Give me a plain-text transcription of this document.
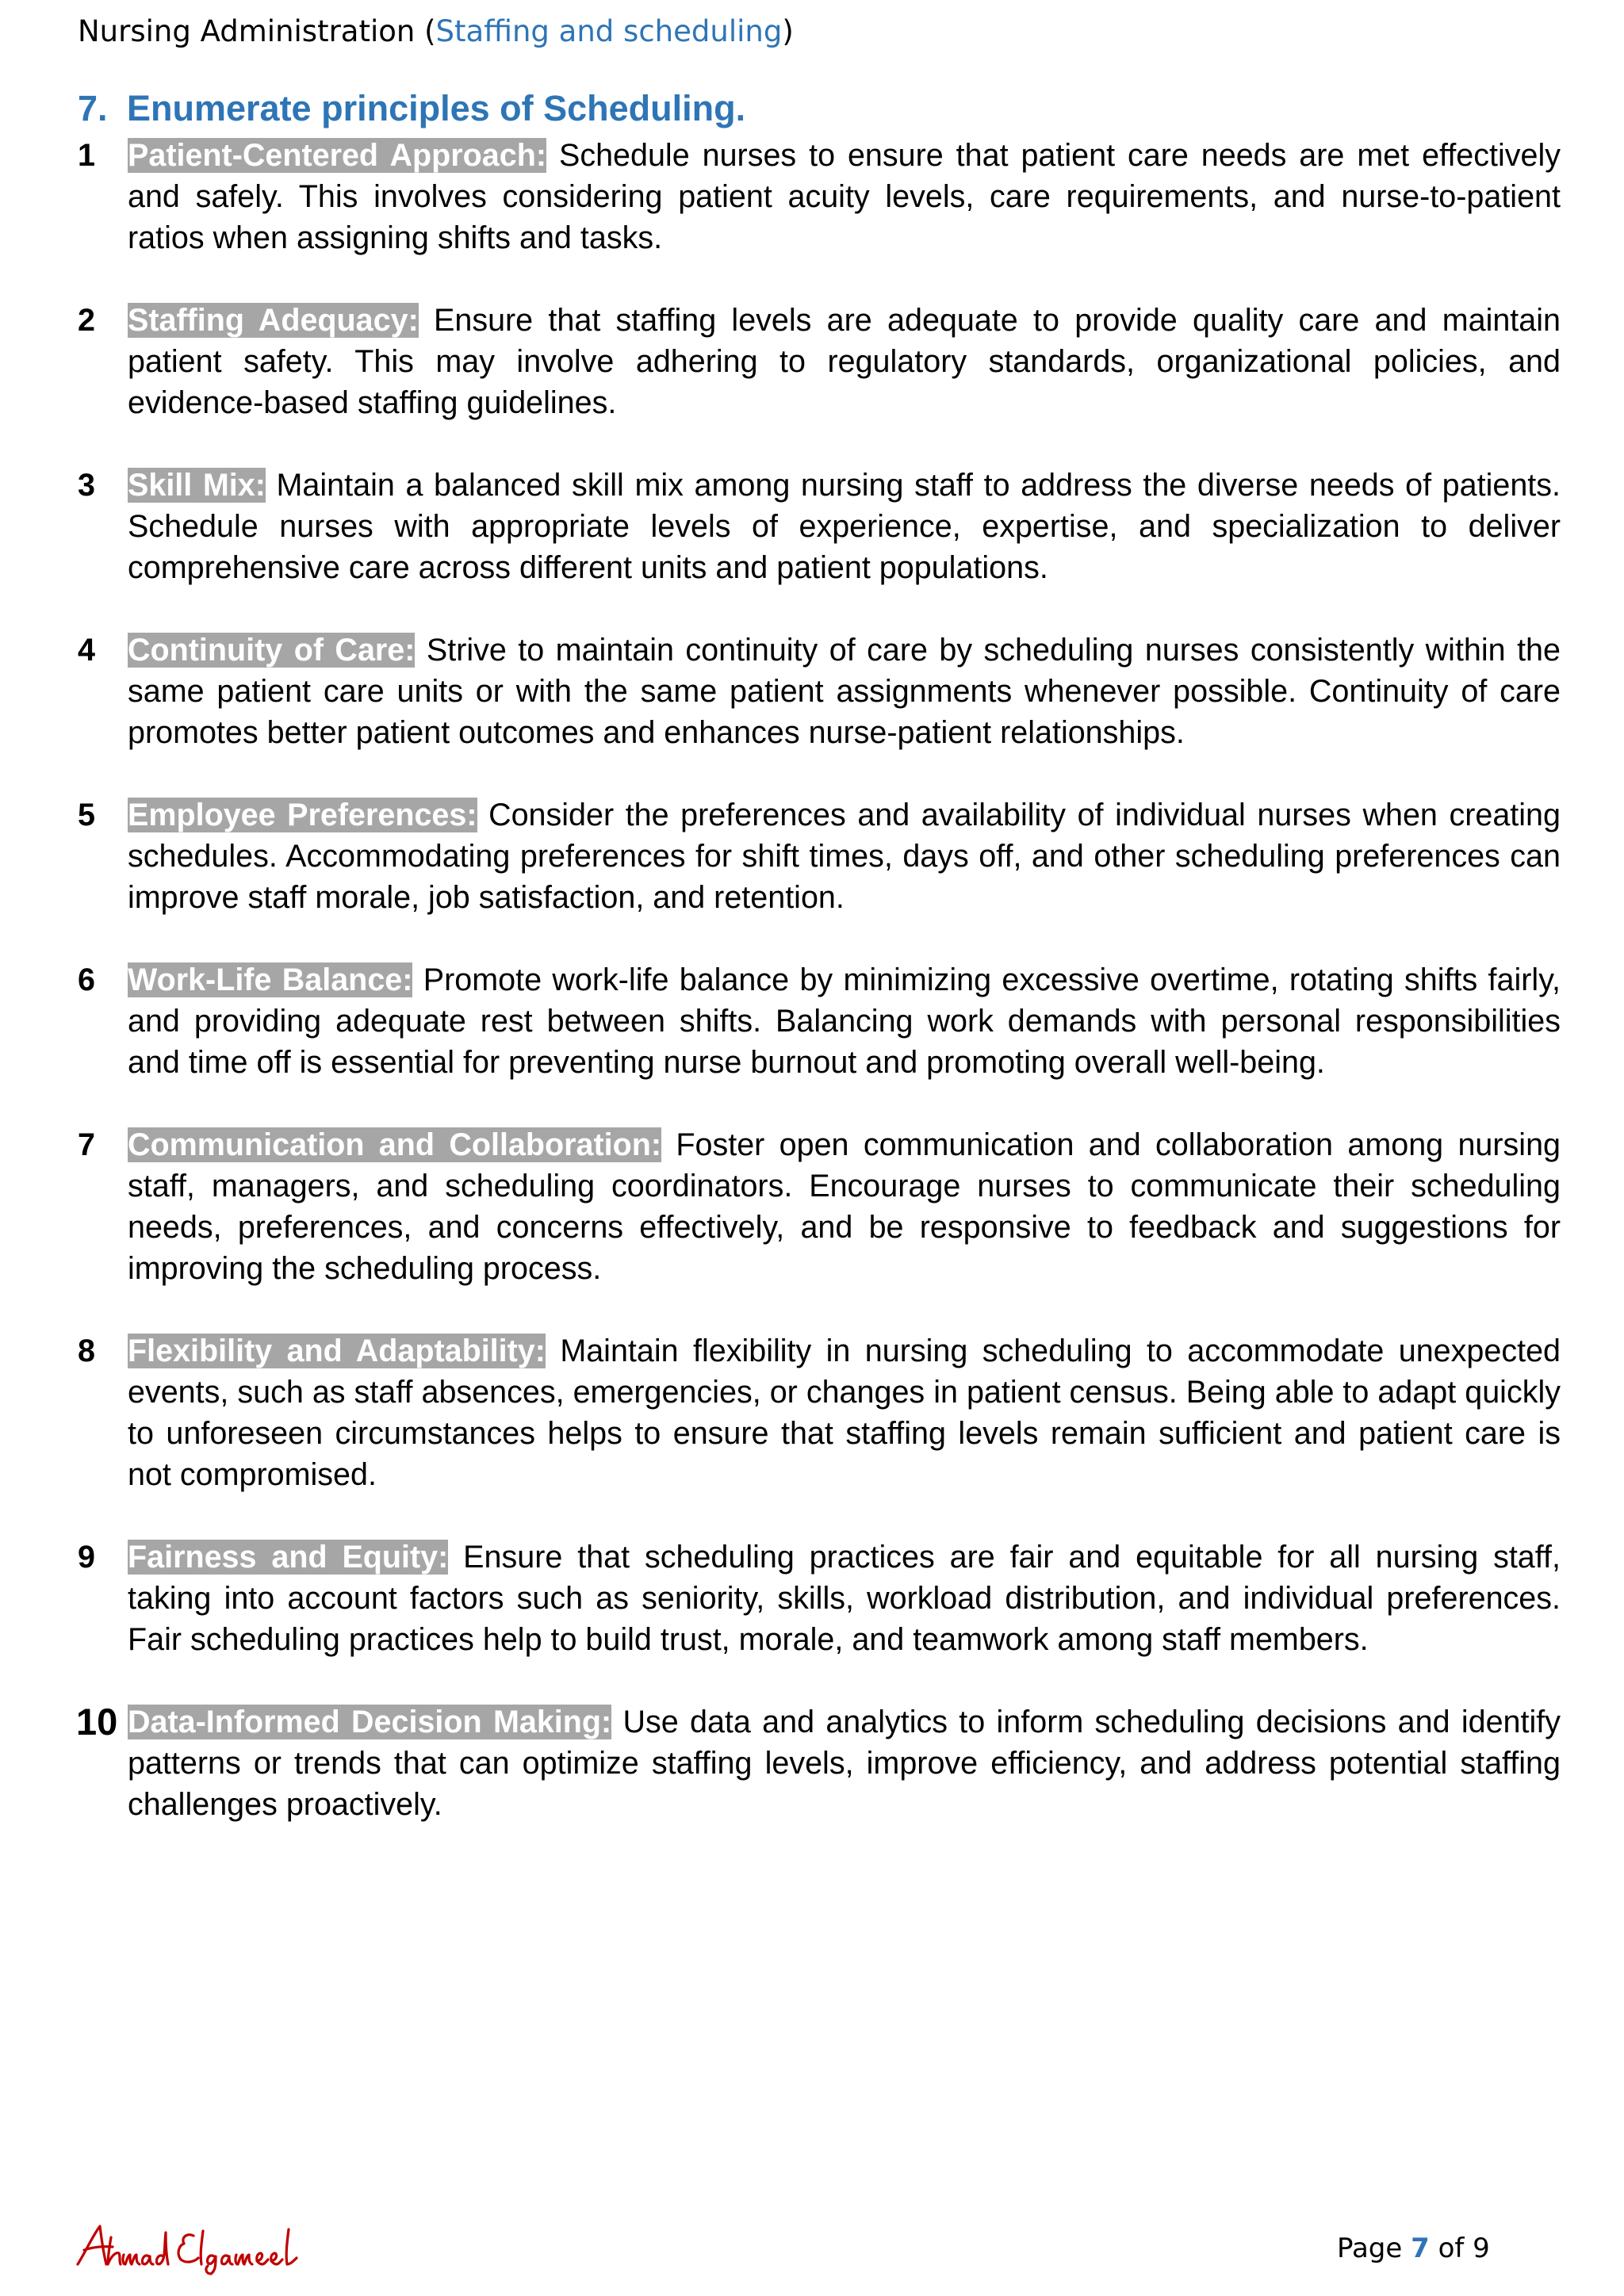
Nursing Administration (Staffing and scheduling)
7. Enumerate principles of Scheduling.
1	Patient-Centered Approach: Schedule nurses to ensure that patient care needs are met effectively and safely. This involves considering patient acuity levels, care requirements, and nurse-to-patient ratios when assigning shifts and tasks.
2	Staffing Adequacy: Ensure that staffing levels are adequate to provide quality care and maintain patient safety. This may involve adhering to regulatory standards, organizational policies, and evidence-based staffing guidelines.
3	Skill Mix: Maintain a balanced skill mix among nursing staff to address the diverse needs of patients. Schedule nurses with appropriate levels of experience, expertise, and specialization to deliver comprehensive care across different units and patient populations.
4	Continuity of Care: Strive to maintain continuity of care by scheduling nurses consistently within the same patient care units or with the same patient assignments whenever possible. Continuity of care promotes better patient outcomes and enhances nurse-patient relationships.
5	Employee Preferences: Consider the preferences and availability of individual nurses when creating schedules. Accommodating preferences for shift times, days off, and other scheduling preferences can improve staff morale, job satisfaction, and retention.
6	Work-Life Balance: Promote work-life balance by minimizing excessive overtime, rotating shifts fairly, and providing adequate rest between shifts. Balancing work demands with personal responsibilities and time off is essential for preventing nurse burnout and promoting overall well-being.
7	Communication and Collaboration: Foster open communication and collaboration among nursing staff, managers, and scheduling coordinators. Encourage nurses to communicate their scheduling needs, preferences, and concerns effectively, and be responsive to feedback and suggestions for improving the scheduling process.
8	Flexibility and Adaptability: Maintain flexibility in nursing scheduling to accommodate unexpected events, such as staff absences, emergencies, or changes in patient census. Being able to adapt quickly to unforeseen circumstances helps to ensure that staffing levels remain sufficient and patient care is not compromised.
9	Fairness and Equity: Ensure that scheduling practices are fair and equitable for all nursing staff, taking into account factors such as seniority, skills, workload distribution, and individual preferences. Fair scheduling practices help to build trust, morale, and teamwork among staff members.
10 Data-Informed Decision Making: Use data and analytics to inform scheduling decisions and identify patterns or trends that can optimize staffing levels, improve efficiency, and address potential staffing challenges proactively.
Page 7 of 9
